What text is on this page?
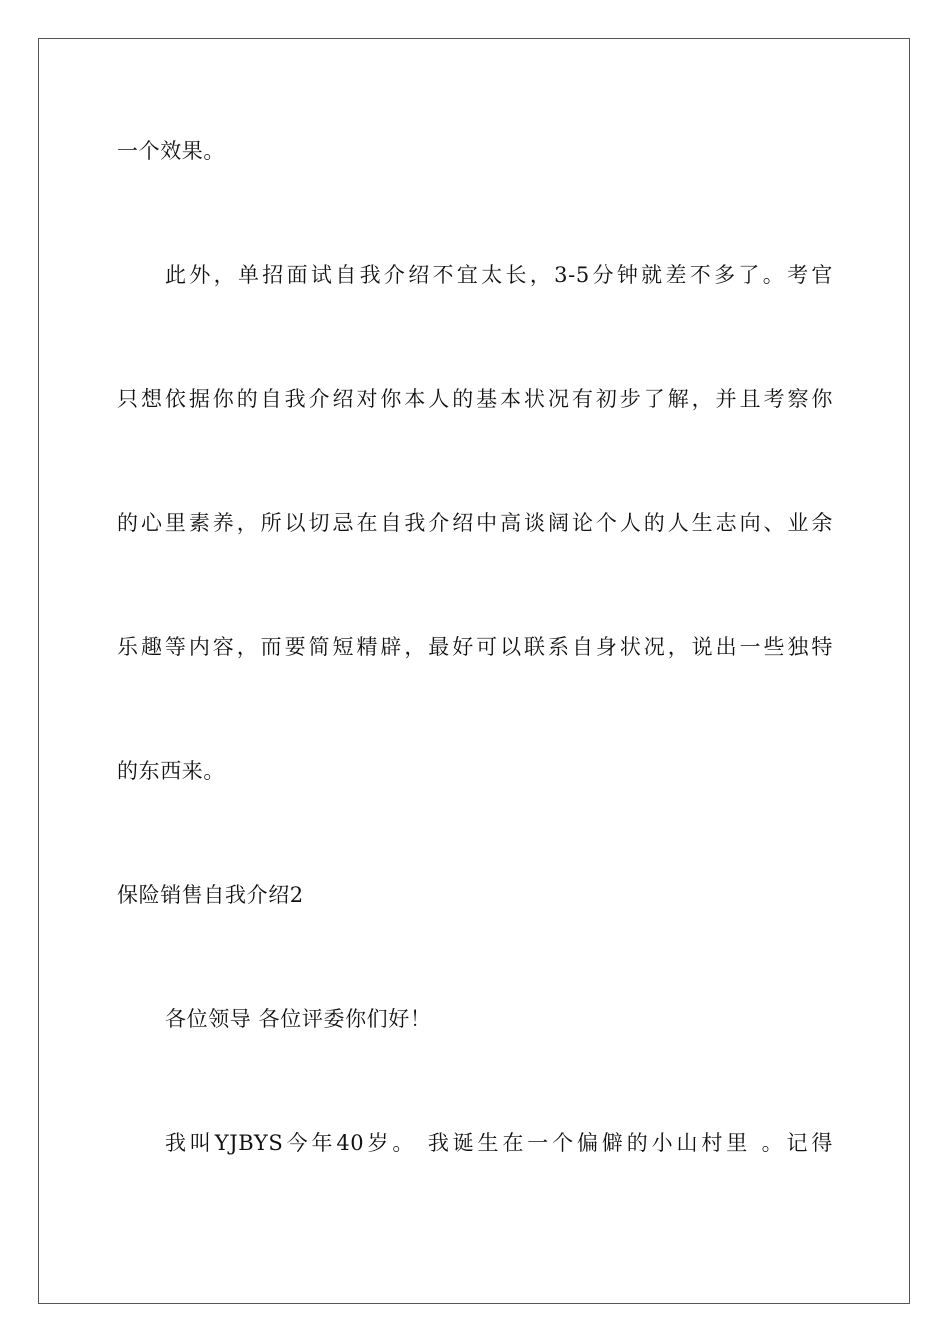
一个效果。
此外，单招面试自我介绍不宜太长，3-5分钟就差不多了。考官
只想依据你的自我介绍对你本人的基本状况有初步了解，并且考察你
的心里素养，所以切忌在自我介绍中高谈阔论个人的人生志向、业余
乐趣等内容，而要简短精辟，最好可以联系自身状况，说出一些独特
的东西来。
保险销售自我介绍2
各位领导 各位评委你们好！
我叫YJBYS今年40岁。 我诞生在一个偏僻的小山村里 。记得
